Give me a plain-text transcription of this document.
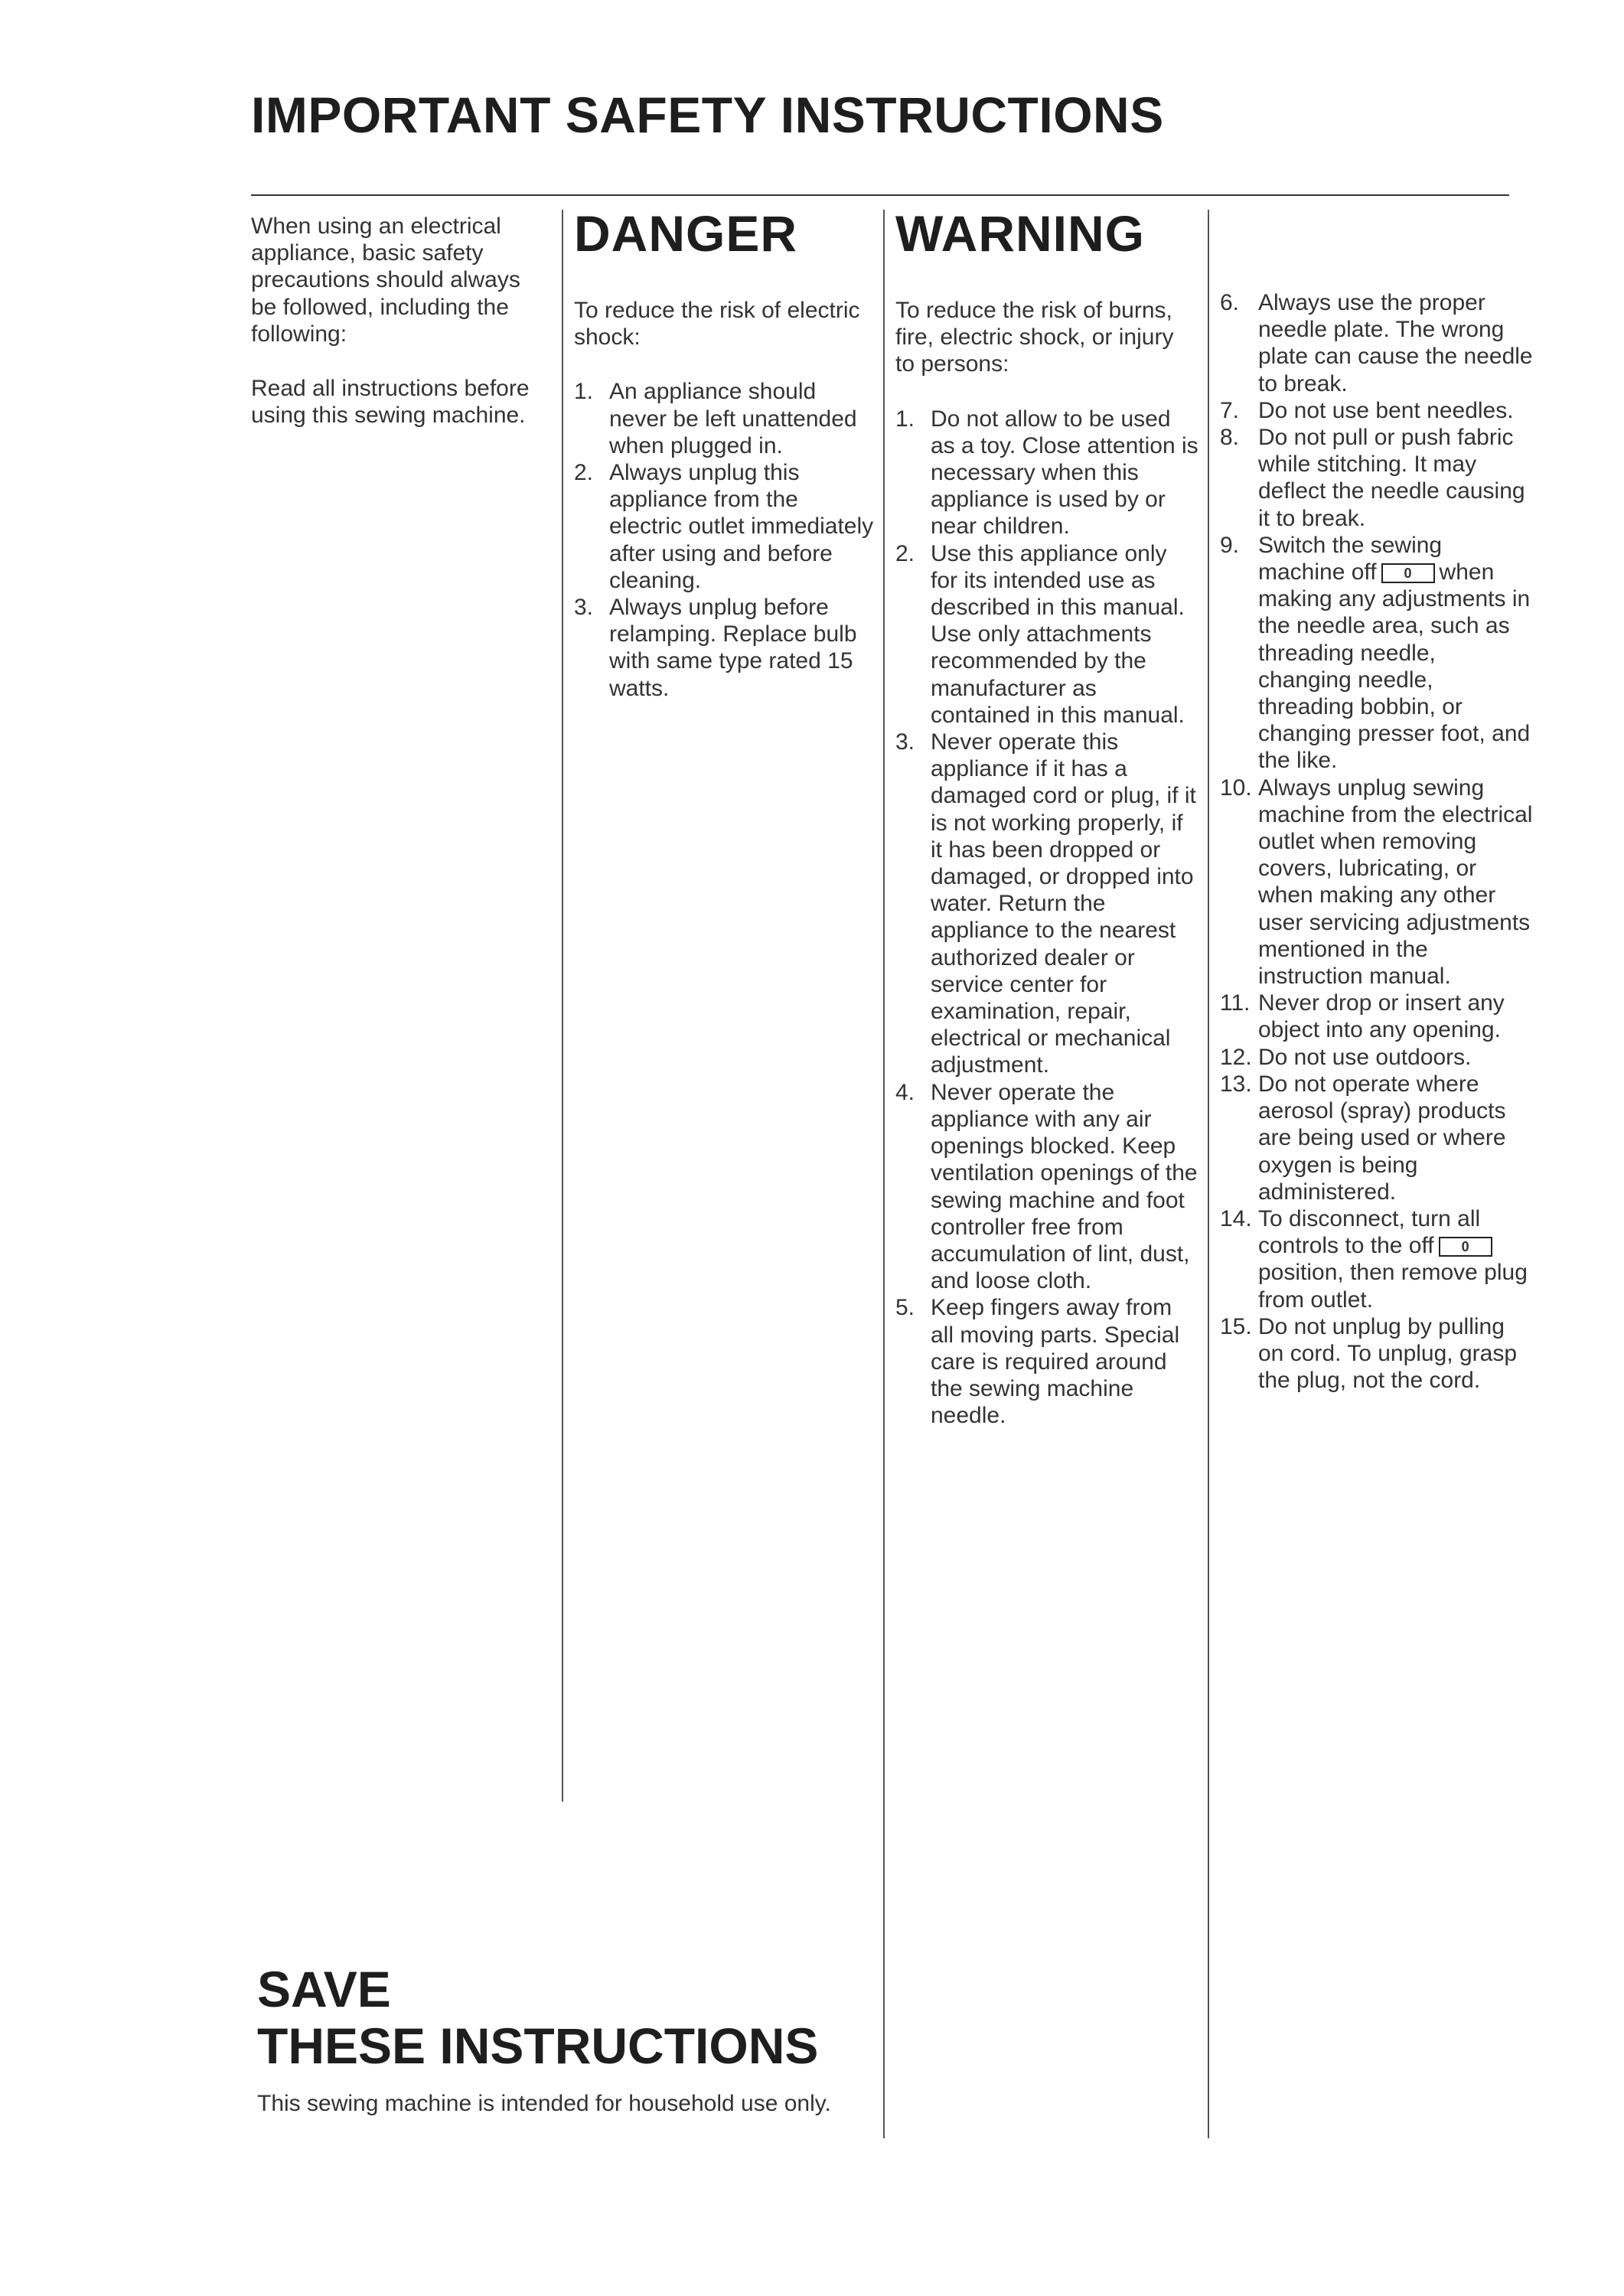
IMPORTANT SAFETY INSTRUCTIONS

When using an electrical appliance, basic safety precautions should always be followed, including the following:

Read all instructions before using this sewing machine.

DANGER

To reduce the risk of electric shock:

1. An appliance should never be left unattended when plugged in.
2. Always unplug this appliance from the electric outlet immediately after using and before cleaning.
3. Always unplug before relamping. Replace bulb with same type rated 15 watts.
WARNING

To reduce the risk of burns, fire, electric shock, or injury to persons:

1. Do not allow to be used as a toy. Close attention is necessary when this appliance is used by or near children.
2. Use this appliance only for its intended use as described in this manual. Use only attachments recommended by the manufacturer as contained in this manual.
3. Never operate this appliance if it has a damaged cord or plug, if it is not working properly, if it has been dropped or damaged, or dropped into water. Return the appliance to the nearest authorized dealer or service center for examination, repair, electrical or mechanical adjustment.
4. Never operate the appliance with any air openings blocked. Keep ventilation openings of the sewing machine and foot controller free from accumulation of lint, dust, and loose cloth.
5. Keep fingers away from all moving parts. Special care is required around the sewing machine needle.
6. Always use the proper needle plate. The wrong plate can cause the needle to break.
7. Do not use bent needles.
8. Do not pull or push fabric while stitching. It may deflect the needle causing it to break.
9. Switch the sewing machine off 0 when making any adjustments in the needle area, such as threading needle, changing needle, threading bobbin, or changing presser foot, and the like.
10. Always unplug sewing machine from the electrical outlet when removing covers, lubricating, or when making any other user servicing adjustments mentioned in the instruction manual.
11. Never drop or insert any object into any opening.
12. Do not use outdoors.
13. Do not operate where aerosol (spray) products are being used or where oxygen is being administered.
14. To disconnect, turn all controls to the off 0position, then remove plug from outlet.
15. Do not unplug by pulling on cord. To unplug, grasp the plug, not the cord.
SAVE
THESE INSTRUCTIONS

This sewing machine is intended for household use only.
